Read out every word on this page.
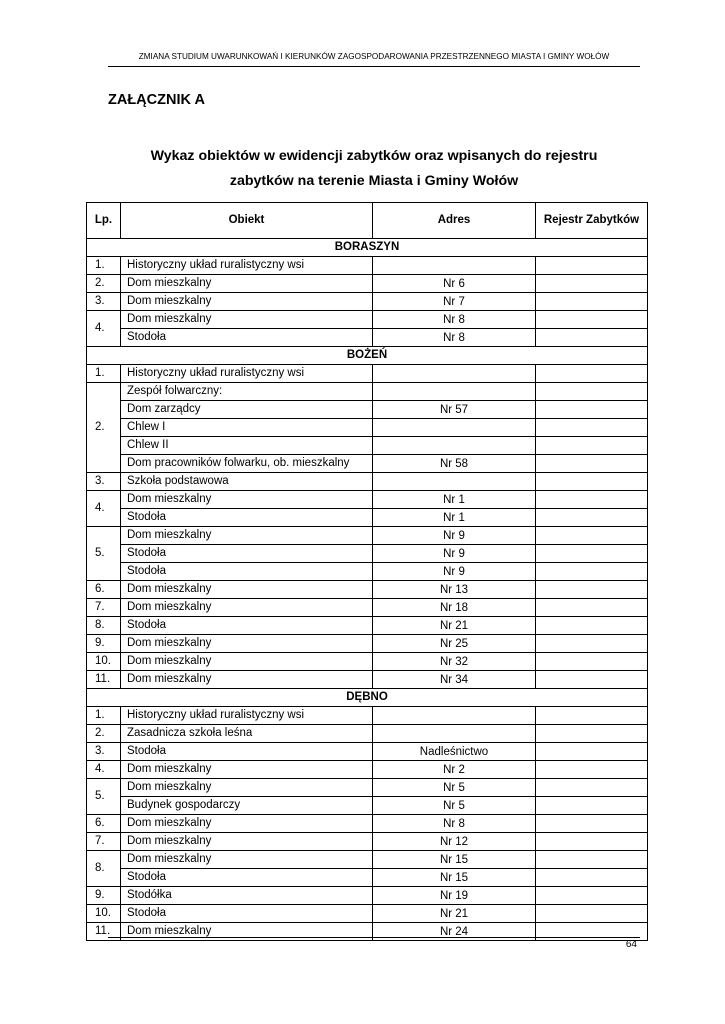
ZMIANA STUDIUM UWARUNKOWAŃ I KIERUNKÓW ZAGOSPODAROWANIA PRZESTRZENNEGO MIASTA I GMINY WOŁÓW
ZAŁĄCZNIK A
Wykaz obiektów w ewidencji zabytków oraz wpisanych do rejestru
zabytków na terenie Miasta i Gminy Wołów
Lp.	Obiekt	Adres	Rejestr Zabytków
BORASZYN			
1.	Historyczny układ ruralistyczny wsi		
2.	Dom mieszkalny	Nr 6	
3.	Dom mieszkalny	Nr 7	
4.	Dom mieszkalny	Nr 8	
	Stodoła	Nr 8	
BOŻEŃ			
1.	Historyczny układ ruralistyczny wsi		
2.	Zespół folwarczny:		
	Dom zarządcy	Nr 57	
	Chlew I		
	Chlew II		
	Dom pracowników folwarku, ob. mieszkalny	Nr 58	
3.	Szkoła podstawowa		
4.	Dom mieszkalny	Nr 1	
	Stodoła	Nr 1	
5.	Dom mieszkalny	Nr 9	
	Stodoła	Nr 9	
	Stodoła	Nr 9	
6.	Dom mieszkalny	Nr 13	
7.	Dom mieszkalny	Nr 18	
8.	Stodoła	Nr 21	
9.	Dom mieszkalny	Nr 25	
10.	Dom mieszkalny	Nr 32	
11.	Dom mieszkalny	Nr 34	
DĘBNO			
1.	Historyczny układ ruralistyczny wsi		
2.	Zasadnicza szkoła leśna		
3.	Stodoła	Nadleśnictwo	
4.	Dom mieszkalny	Nr 2	
5.	Dom mieszkalny	Nr 5	
	Budynek gospodarczy	Nr 5	
6.	Dom mieszkalny	Nr 8	
7.	Dom mieszkalny	Nr 12	
8.	Dom mieszkalny	Nr 15	
	Stodoła	Nr 15	
9.	Stodółka	Nr 19	
10.	Stodoła	Nr 21	
11.	Dom mieszkalny	Nr 24	
64
